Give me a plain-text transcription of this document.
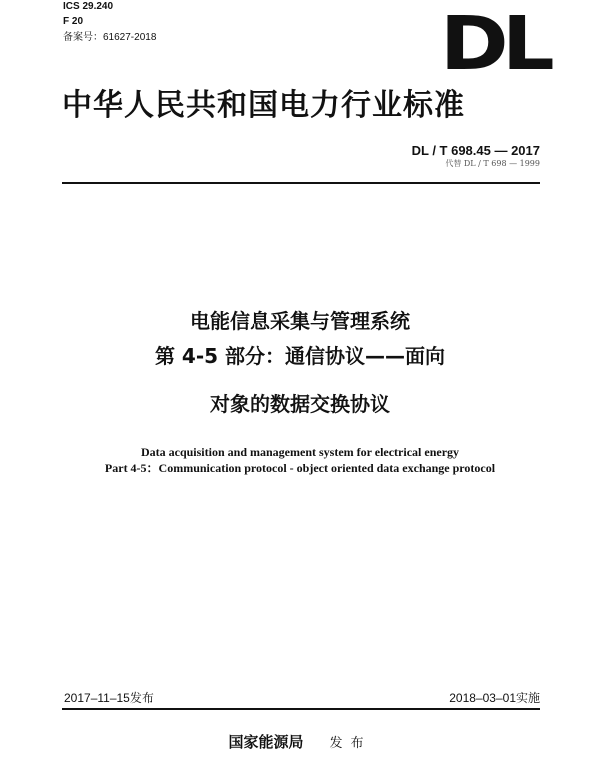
ICS 29.240
F 20
备案号：61627-2018	DL
中华人民共和国电力行业标准
DL / T 698.45 — 2017
代替 DL / T 698 — 1999
电能信息采集与管理系统
第 4-5 部分：通信协议——面向
对象的数据交换协议
Data acquisition and management system for electrical energy
Part 4-5：Communication protocol - object oriented data exchange protocol
2017–11–15发布	2018–03–01实施
国家能源局 发布
